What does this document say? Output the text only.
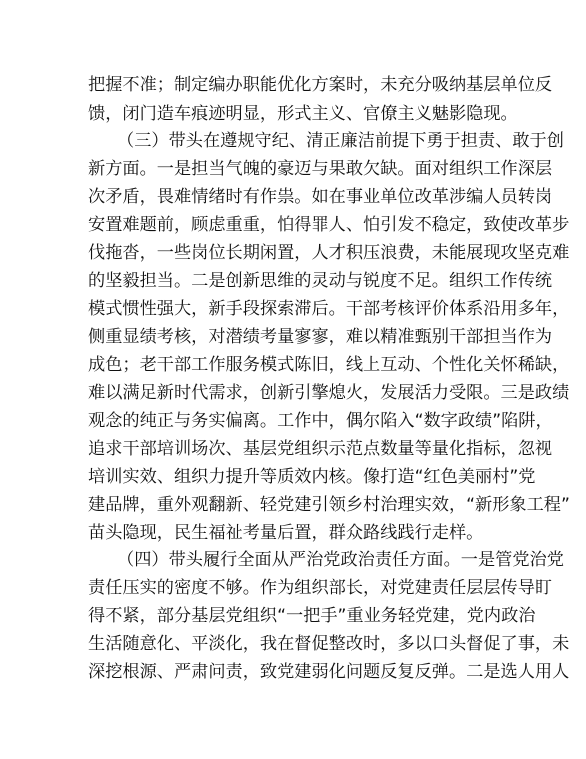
把握不准；制定编办职能优化方案时，未充分吸纳基层单位反
馈，闭门造车痕迹明显，形式主义、官僚主义魅影隐现。
（三）带头在遵规守纪、清正廉洁前提下勇于担责、敢于创
新方面。一是担当气魄的豪迈与果敢欠缺。面对组织工作深层
次矛盾，畏难情绪时有作祟。如在事业单位改革涉编人员转岗
安置难题前，顾虑重重，怕得罪人、怕引发不稳定，致使改革步
伐拖沓，一些岗位长期闲置，人才积压浪费，未能展现攻坚克难
的坚毅担当。二是创新思维的灵动与锐度不足。组织工作传统
模式惯性强大，新手段探索滞后。干部考核评价体系沿用多年，
侧重显绩考核，对潜绩考量寥寥，难以精准甄别干部担当作为
成色；老干部工作服务模式陈旧，线上互动、个性化关怀稀缺，
难以满足新时代需求，创新引擎熄火，发展活力受限。三是政绩
观念的纯正与务实偏离。工作中，偶尔陷入“数字政绩”陷阱，
追求干部培训场次、基层党组织示范点数量等量化指标，忽视
培训实效、组织力提升等质效内核。像打造“红色美丽村”党
建品牌，重外观翻新、轻党建引领乡村治理实效，“新形象工程”
苗头隐现，民生福祉考量后置，群众路线践行走样。
（四）带头履行全面从严治党政治责任方面。一是管党治党
责任压实的密度不够。作为组织部长，对党建责任层层传导盯
得不紧，部分基层党组织“一把手”重业务轻党建，党内政治
生活随意化、平淡化，我在督促整改时，多以口头督促了事，未
深挖根源、严肃问责，致党建弱化问题反复反弹。二是选人用人
